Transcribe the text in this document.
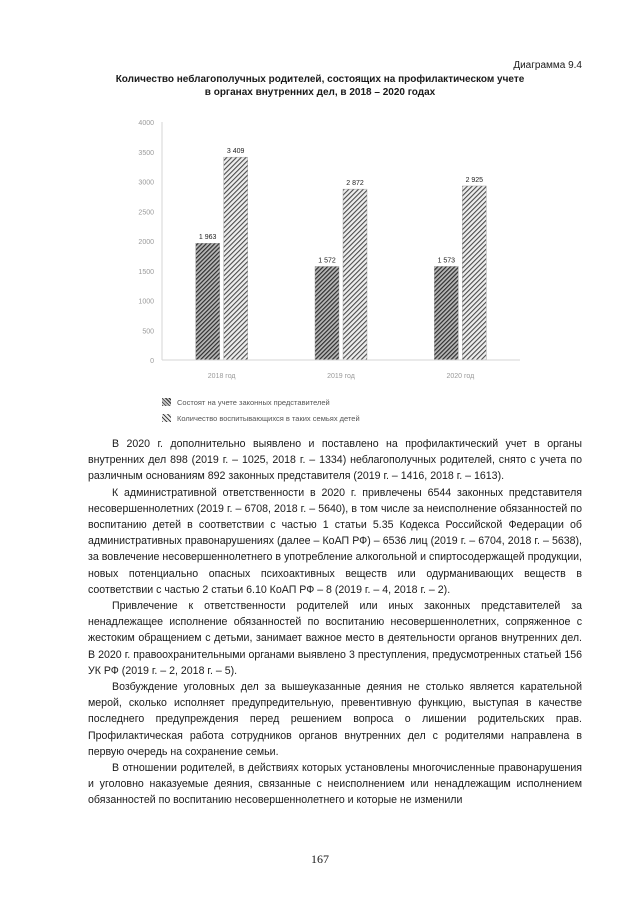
Диаграмма 9.4
Количество неблагополучных родителей, состоящих на профилактическом учете
в органах внутренних дел, в 2018 – 2020 годах
0
500
1000
1500
2000
2500
3000
3500
4000
1 963
3 409
1 572
2 872
1 573
2 925
2018 год	2019 год	2020 год
Состоят на учете законных представителей
Количество воспитывающихся в таких семьях детей

В 2020 г. дополнительно выявлено и поставлено на профилактический учет в органы внутренних дел 898 (2019 г. – 1025, 2018 г. – 1334) неблагополучных родителей, снято с учета по различным основаниям 892 законных представителя (2019 г. – 1416, 2018 г. – 1613).

К административной ответственности в 2020 г. привлечены 6544 законных представителя несовершеннолетних (2019 г. – 6708, 2018 г. – 5640), в том числе за неисполнение обязанностей по воспитанию детей в соответствии с частью 1 статьи 5.35 Кодекса Российской Федерации об административных правонарушениях (далее – КоАП РФ) – 6536 лиц (2019 г. – 6704, 2018 г. – 5638), за вовлечение несовершеннолетнего в употребление алкогольной и спиртосодержащей продукции, новых потенциально опасных психоактивных веществ или одурманивающих веществ в соответствии с частью 2 статьи 6.10 КоАП РФ – 8 (2019 г. – 4, 2018 г. – 2).

Привлечение к ответственности родителей или иных законных представителей за ненадлежащее исполнение обязанностей по воспитанию несовершеннолетних, сопряженное с жестоким обращением с детьми, занимает важное место в деятельности органов внутренних дел. В 2020 г. правоохранительными органами выявлено 3 преступления, предусмотренных статьей 156 УК РФ (2019 г. – 2, 2018 г. – 5).

Возбуждение уголовных дел за вышеуказанные деяния не столько является карательной мерой, сколько исполняет предупредительную, превентивную функцию, выступая в качестве последнего предупреждения перед решением вопроса о лишении родительских прав. Профилактическая работа сотрудников органов внутренних дел с родителями направлена в первую очередь на сохранение семьи.

В отношении родителей, в действиях которых установлены многочисленные правонарушения и уголовно наказуемые деяния, связанные с неисполнением или ненадлежащим исполнением обязанностей по воспитанию несовершеннолетнего и которые не изменили

167
